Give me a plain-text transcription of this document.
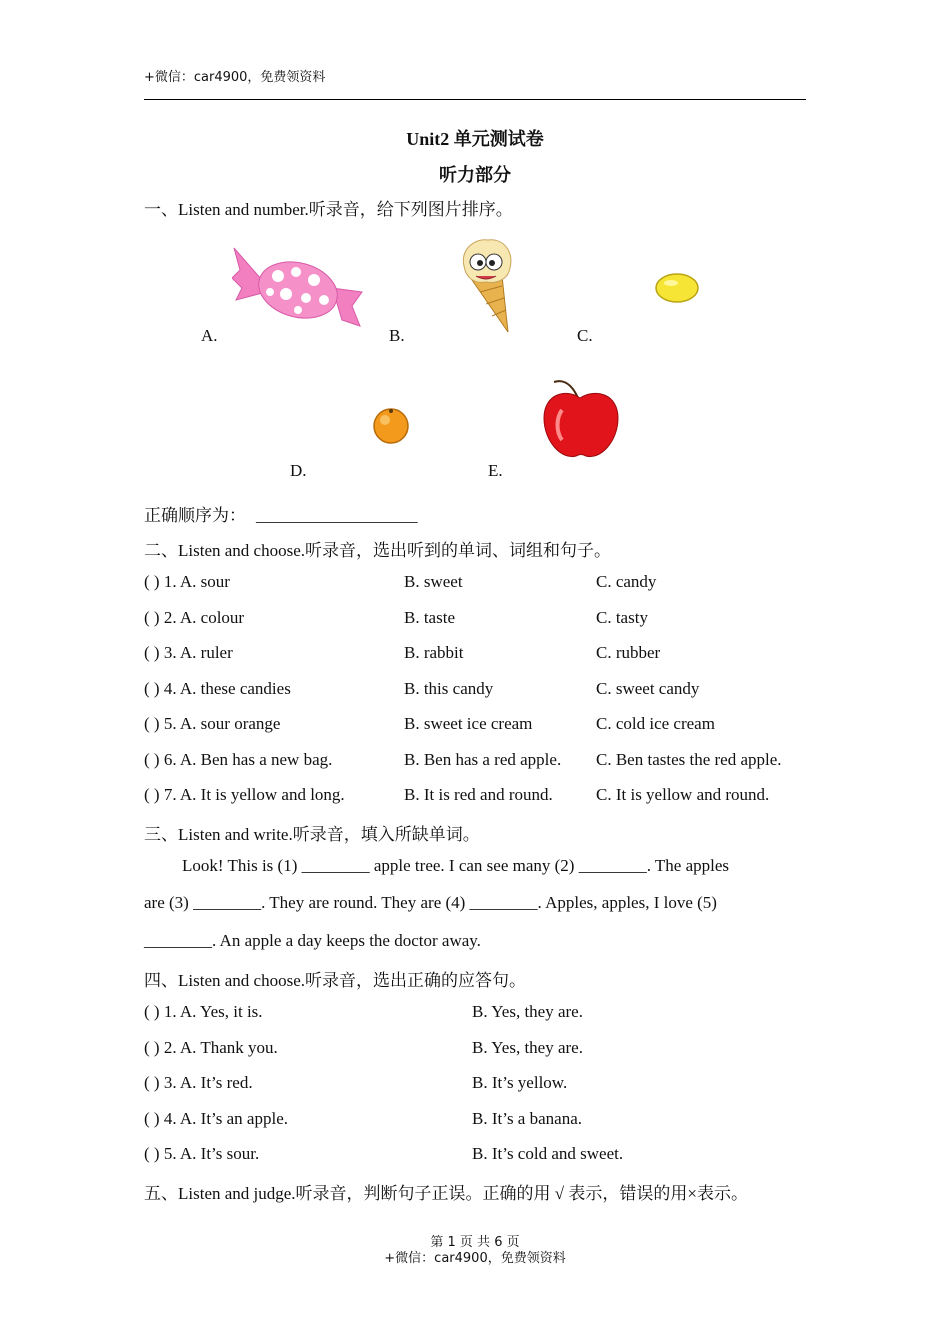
+微信：car4900，免费领资料
Unit2 单元测试卷
听力部分
一、Listen and number.听录音，给下列图片排序。
A.	B.	C.
D.	E.
正确顺序为： ___________________
二、Listen and choose.听录音，选出听到的单词、词组和句子。
( ) 1. A. sour	B. sweet	C. candy
( ) 2. A. colour	B. taste	C. tasty
( ) 3. A. ruler	B. rabbit	C. rubber
( ) 4. A. these candies	B. this candy	C. sweet candy
( ) 5. A. sour orange	B. sweet ice cream	C. cold ice cream
( ) 6. A. Ben has a new bag.	B. Ben has a red apple. C. Ben tastes the red apple.
( ) 7. A. It is yellow and long.	B. It is red and round.	C. It is yellow and round.
三、Listen and write.听录音，填入所缺单词。
Look! This is (1) ________ apple tree. I can see many (2) ________. The apples
are (3) ________. They are round. They are (4) ________. Apples, apples, I love (5)
________. An apple a day keeps the doctor away.
四、Listen and choose.听录音，选出正确的应答句。
( ) 1. A. Yes, it is.	B. Yes, they are.
( ) 2. A. Thank you.	B. Yes, they are.
( ) 3. A. It’s red.	B. It’s yellow.
( ) 4. A. It’s an apple.	B. It’s a banana.
( ) 5. A. It’s sour.	B. It’s cold and sweet.
五、Listen and judge.听录音，判断句子正误。正确的用 √ 表示，错误的用×表示。
第 1 页 共 6 页
+微信：car4900，免费领资料
